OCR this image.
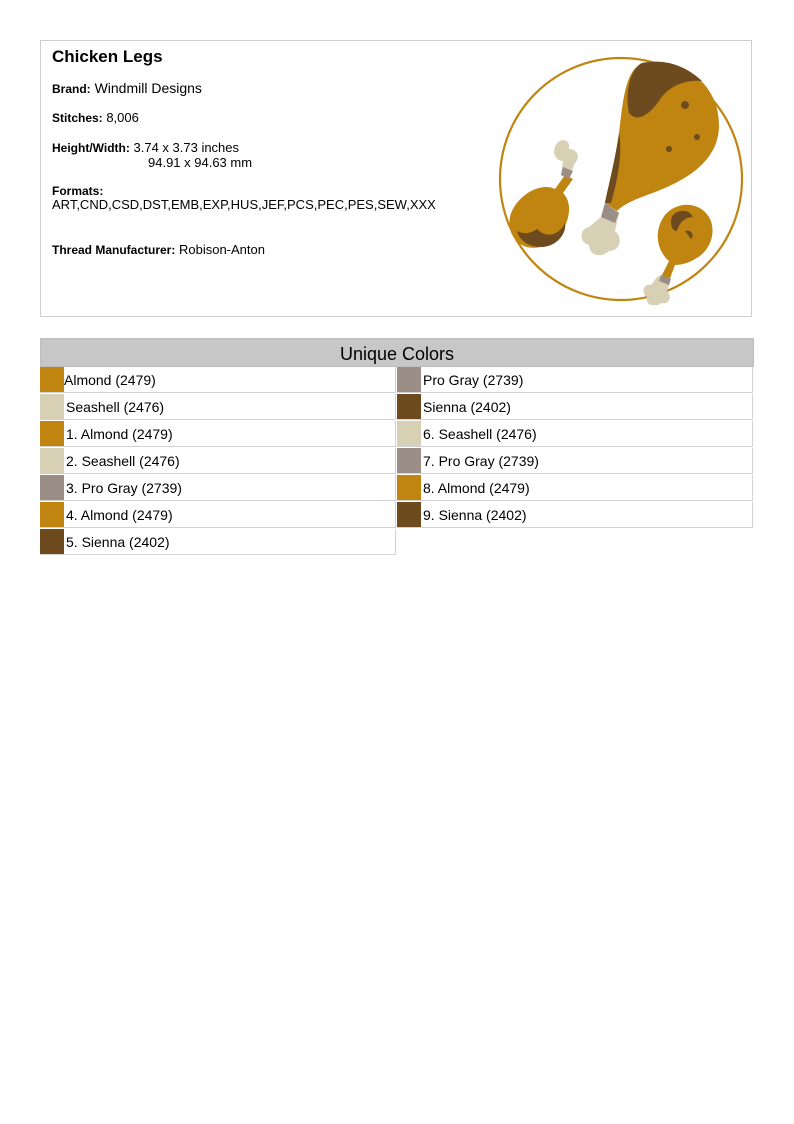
Chicken Legs
Brand: Windmill Designs
Stitches: 8,006
Height/Width: 3.74 x 3.73 inches
94.91 x 94.63 mm
Formats:
ART,CND,CSD,DST,EMB,EXP,HUS,JEF,PCS,PEC,PES,SEW,XXX
Thread Manufacturer: Robison-Anton
Unique Colors
Almond (2479)
Seashell (2476)
1. Almond (2479)
2. Seashell (2476)
3. Pro Gray (2739)
4. Almond (2479)
5. Sienna (2402)
Pro Gray (2739)
Sienna (2402)
6. Seashell (2476)
7. Pro Gray (2739)
8. Almond (2479)
9. Sienna (2402)
